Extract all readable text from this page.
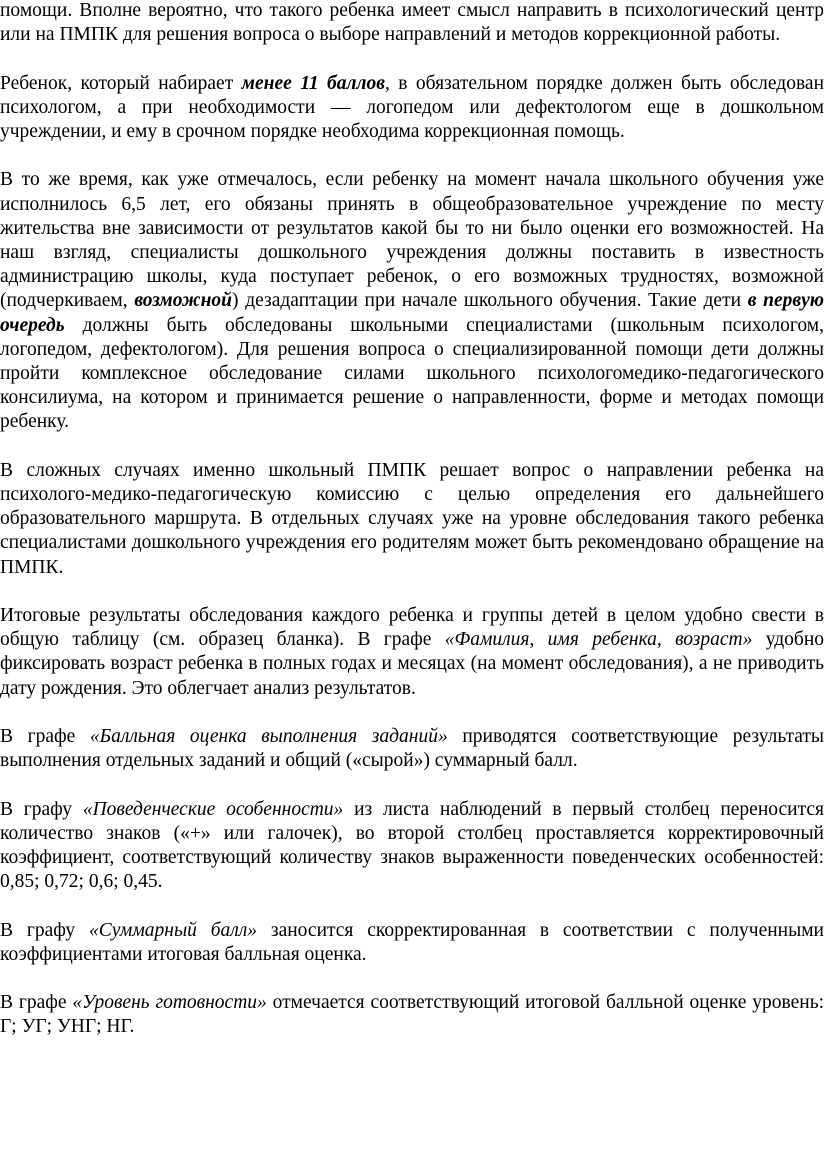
помощи. Вполне вероятно, что такого ребенка имеет смысл направить в психологический центр или на ПМПК для решения вопроса о выборе направлений и методов коррекционной работы.

Ребенок, который набирает менее 11 баллов, в обязательном порядке должен быть обследован психологом, а при необходимости — логопедом или дефектологом еще в дошкольном учреждении, и ему в срочном порядке необходима коррекционная помощь.

В то же время, как уже отмечалось, если ребенку на момент начала школьного обучения уже исполнилось 6,5 лет, его обязаны принять в общеобразовательное учреждение по месту жительства вне зависимости от результатов какой бы то ни было оценки его возможностей. На наш взгляд, специалисты дошкольного учреждения должны поставить в известность администрацию школы, куда поступает ребенок, о его возможных трудностях, возможной (подчеркиваем, возможной) дезадаптации при начале школьного обучения. Такие дети в первую очередь должны быть обследованы школьными специалистами (школьным психологом, логопедом, дефектологом). Для решения вопроса о специализированной помощи дети должны пройти комплексное обследование силами школьного психологомедико-педагогического консилиума, на котором и принимается решение о направленности, форме и методах помощи ребенку.

В сложных случаях именно школьный ПМПК решает вопрос о направлении ребенка на психолого-медико-педагогическую комиссию с целью определения его дальнейшего образовательного маршрута. В отдельных случаях уже на уровне обследования такого ребенка специалистами дошкольного учреждения его родителям может быть рекомендовано обращение на ПМПК.

Итоговые результаты обследования каждого ребенка и группы детей в целом удобно свести в общую таблицу (см. образец бланка). В графе «Фамилия, имя ребенка, возраст» удобно фиксировать возраст ребенка в полных годах и месяцах (на момент обследования), а не приводить дату рождения. Это облегчает анализ результатов.

В графе «Балльная оценка выполнения заданий» приводятся соответствующие результаты выполнения отдельных заданий и общий («сырой») суммарный балл.

В графу «Поведенческие особенности» из листа наблюдений в первый столбец переносится количество знаков («+» или галочек), во второй столбец проставляется корректировочный коэффициент, соответствующий количеству знаков выраженности поведенческих особенностей: 0,85; 0,72; 0,6; 0,45.

В графу «Суммарный балл» заносится скорректированная в соответствии с полученными коэффициентами итоговая балльная оценка.

В графе «Уровень готовности» отмечается соответствующий итоговой балльной оценке уровень: Г; УГ; УНГ; НГ.
